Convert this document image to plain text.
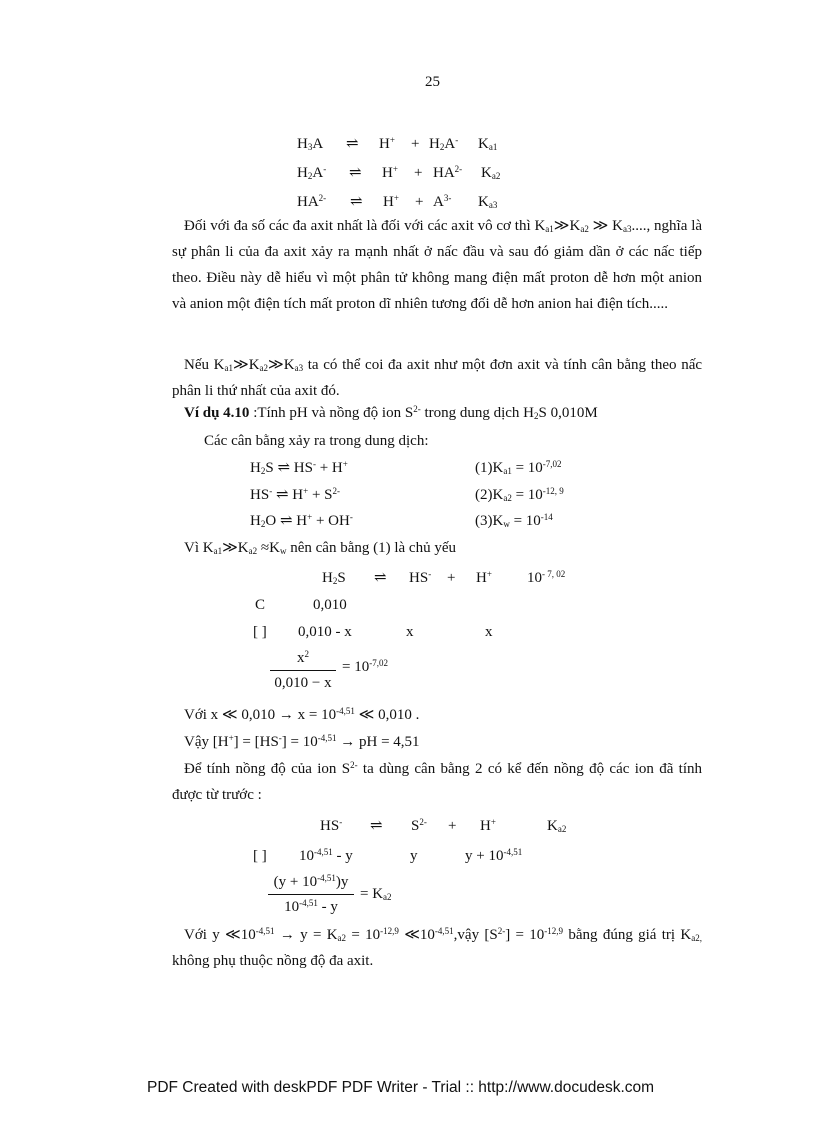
25
$H_3A$ ⇌ $H^+ + H_2A^-$ $K_{a1}$
$H_2A^-$ ⇌ $H^+ + HA^{2-}$ $K_{a2}$
$HA^{2-}$ ⇌ $H^+ + A^{3-}$ $K_{a3}$
Đối với đa số các đa axit nhất là đối với các axit vô cơ thì $K_{a1}≫K_{a2}$ ≫ $K_{a3}$...., nghĩa là sự phân li của đa axit xảy ra mạnh nhất ở nấc đầu và sau đó giảm dần ở các nấc tiếp theo. Điều này dễ hiểu vì một phân tử không mang điện mất proton dễ hơn một anion và anion một điện tích mất proton dĩ nhiên tương đối dễ hơn anion hai điện tích.....
Nếu $K_{a1}≫K_{a2}≫K_{a3}$ ta có thể coi đa axit như một đơn axit và tính cân bằng theo nấc phân li thứ nhất của axit đó.
Ví dụ 4.10 :Tính pH và nồng độ ion $S^{2-}$ trong dung dịch $H_2S$ 0,010M
Các cân bằng xảy ra trong dung dịch:
$H_2S$ ⇌ HS- + H+	$(1)K_{a1} = 10^{-7,02}$
HS- ⇌ $H^+ + S^{2-}$	$(2)K_{a2} = 10^{-12, 9}$
$H_2O$ ⇌ H+ + OH-	$(3)K_w = 10^{-14}$
Vì $K_{a1}≫K_{a2} \approx K_w$ nên cân bằng (1) là chủ yếu
$H_2S$ ⇌ HS- + H+ $10^{- 7, 02}$
C	0,010
[ ] 0,010 - x	x	x
$\frac{x^2}{0,010 - x} = 10^{-7,02}$
Với x ≪ $0,010 \to x = 10^{-4,51}$ ≪ 0,010 .
Vậy $[H^+] = [HS^-] = 10^{-4,51}$ → pH = 4,51
Để tính nồng độ của ion $S^{2-}$ ta dùng cân bằng 2 có kể đến nồng độ các ion đã tính được từ trước :
HS- ⇌ $S^{2-} + H^+$	$K_{a2}$
[ ] $10^{-4,51}$ - y	y	$y + 10^{-4,51}$
$\frac{(y + 10^{-4,51})y}{10^{-4,51} - y} = K_{a2}$
Với y $≪10^{-4,51} \to y = K_{a2} = 10^{-12,9}$ $≪10^{-4,51},vậy$ $[S^{2-}] = 10^{-12,9}$ bằng đúng giá trị $K_{a2,}$ không phụ thuộc nồng độ đa axit.
PDF Created with deskPDF PDF Writer - Trial :: http://www.docudesk.com
